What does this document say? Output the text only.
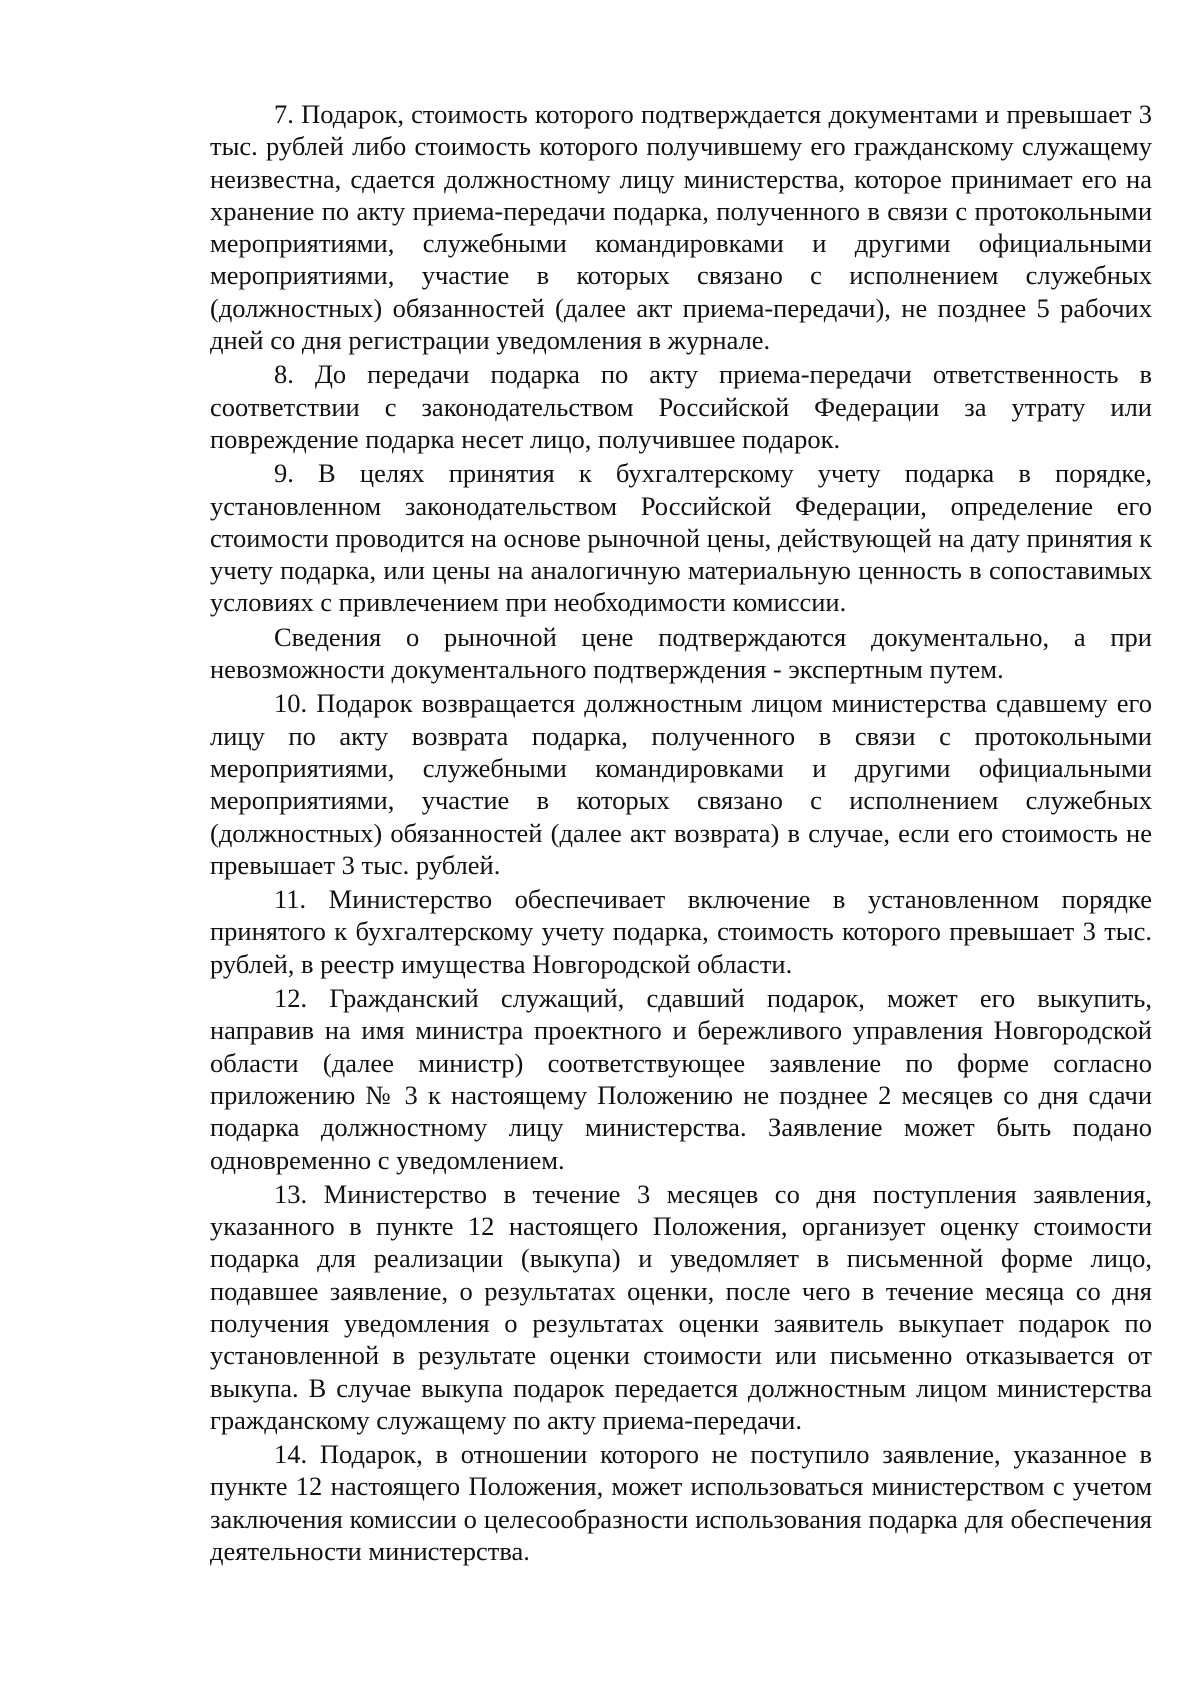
7. Подарок, стоимость которого подтверждается документами и превышает 3 тыс. рублей либо стоимость которого получившему его гражданскому служащему неизвестна, сдается должностному лицу министерства, которое принимает его на хранение по акту приема-передачи подарка, полученного в связи с протокольными мероприятиями, служебными командировками и другими официальными мероприятиями, участие в которых связано с исполнением служебных (должностных) обязанностей (далее акт приема-передачи), не позднее 5 рабочих дней со дня регистрации уведомления в журнале.

8. До передачи подарка по акту приема-передачи ответственность в соответствии с законодательством Российской Федерации за утрату или повреждение подарка несет лицо, получившее подарок.

9. В целях принятия к бухгалтерскому учету подарка в порядке, установленном законодательством Российской Федерации, определение его стоимости проводится на основе рыночной цены, действующей на дату принятия к учету подарка, или цены на аналогичную материальную ценность в сопоставимых условиях с привлечением при необходимости комиссии.

Сведения о рыночной цене подтверждаются документально, а при невозможности документального подтверждения - экспертным путем.

10. Подарок возвращается должностным лицом министерства сдавшему его лицу по акту возврата подарка, полученного в связи с протокольными мероприятиями, служебными командировками и другими официальными мероприятиями, участие в которых связано с исполнением служебных (должностных) обязанностей (далее акт возврата) в случае, если его стоимость не превышает 3 тыс. рублей.

11. Министерство обеспечивает включение в установленном порядке принятого к бухгалтерскому учету подарка, стоимость которого превышает 3 тыс. рублей, в реестр имущества Новгородской области.

12. Гражданский служащий, сдавший подарок, может его выкупить, направив на имя министра проектного и бережливого управления Новгородской области (далее министр) соответствующее заявление по форме согласно приложению № 3 к настоящему Положению не позднее 2 месяцев со дня сдачи подарка должностному лицу министерства. Заявление может быть подано одновременно с уведомлением.

13. Министерство в течение 3 месяцев со дня поступления заявления, указанного в пункте 12 настоящего Положения, организует оценку стоимости подарка для реализации (выкупа) и уведомляет в письменной форме лицо, подавшее заявление, о результатах оценки, после чего в течение месяца со дня получения уведомления о результатах оценки заявитель выкупает подарок по установленной в результате оценки стоимости или письменно отказывается от выкупа. В случае выкупа подарок передается должностным лицом министерства гражданскому служащему по акту приема-передачи.

14. Подарок, в отношении которого не поступило заявление, указанное в пункте 12 настоящего Положения, может использоваться министерством с учетом заключения комиссии о целесообразности использования подарка для обеспечения деятельности министерства.
